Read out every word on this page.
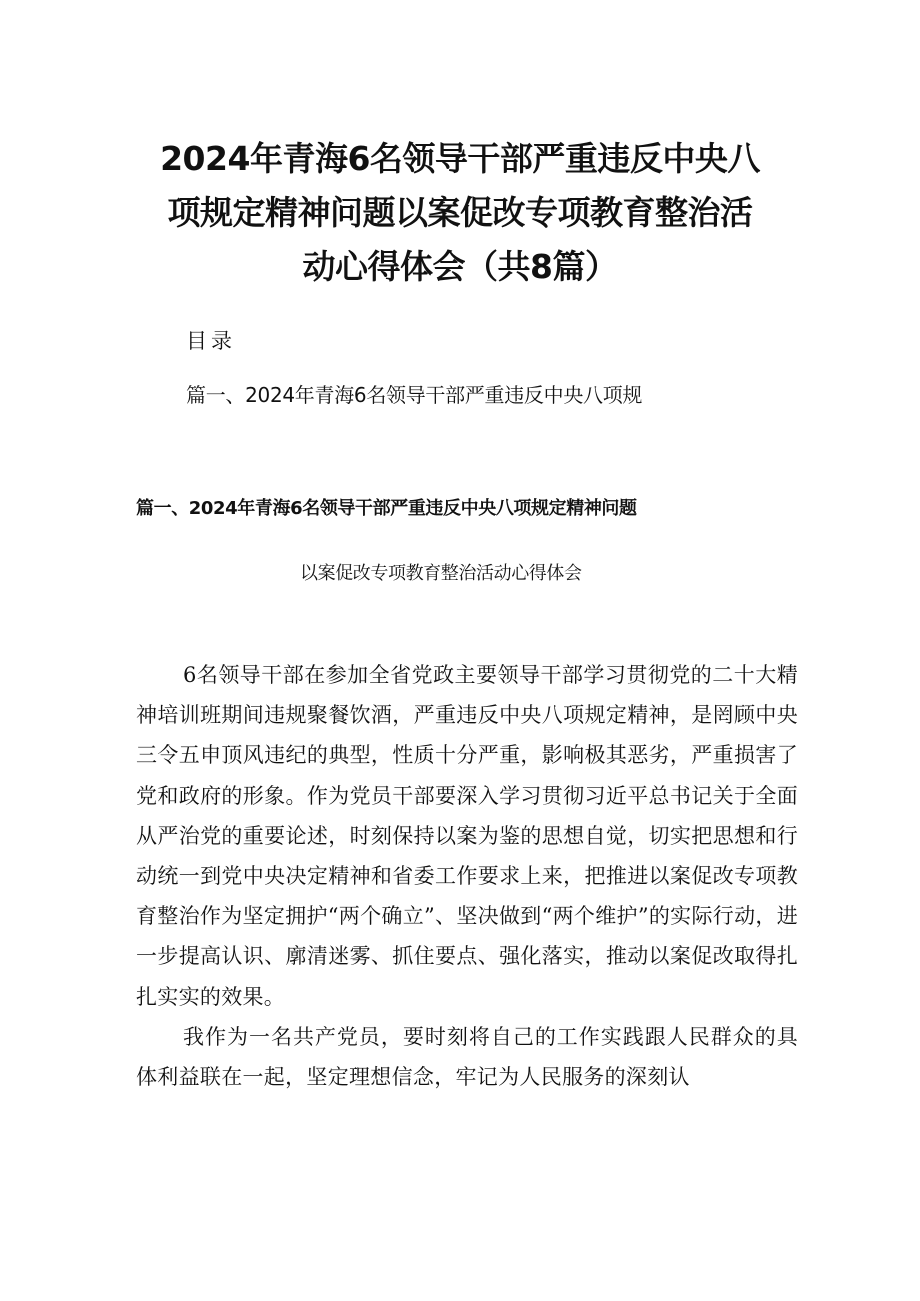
2024年青海6名领导干部严重违反中央八
项规定精神问题以案促改专项教育整治活
动心得体会（共8篇）
目录
篇一、2024年青海6名领导干部严重违反中央八项规
篇一、2024年青海6名领导干部严重违反中央八项规定精神问题
以案促改专项教育整治活动心得体会

6名领导干部在参加全省党政主要领导干部学习贯彻党的二十大精神培训班期间违规聚餐饮酒，严重违反中央八项规定精神，是罔顾中央三令五申顶风违纪的典型，性质十分严重，影响极其恶劣，严重损害了党和政府的形象。作为党员干部要深入学习贯彻习近平总书记关于全面从严治党的重要论述，时刻保持以案为鉴的思想自觉，切实把思想和行动统一到党中央决定精神和省委工作要求上来，把推进以案促改专项教育整治作为坚定拥护“两个确立”、坚决做到“两个维护”的实际行动，进一步提高认识、廓清迷雾、抓住要点、强化落实，推动以案促改取得扎扎实实的效果。

我作为一名共产党员，要时刻将自己的工作实践跟人民群众的具体利益联在一起，坚定理想信念，牢记为人民服务的深刻认
